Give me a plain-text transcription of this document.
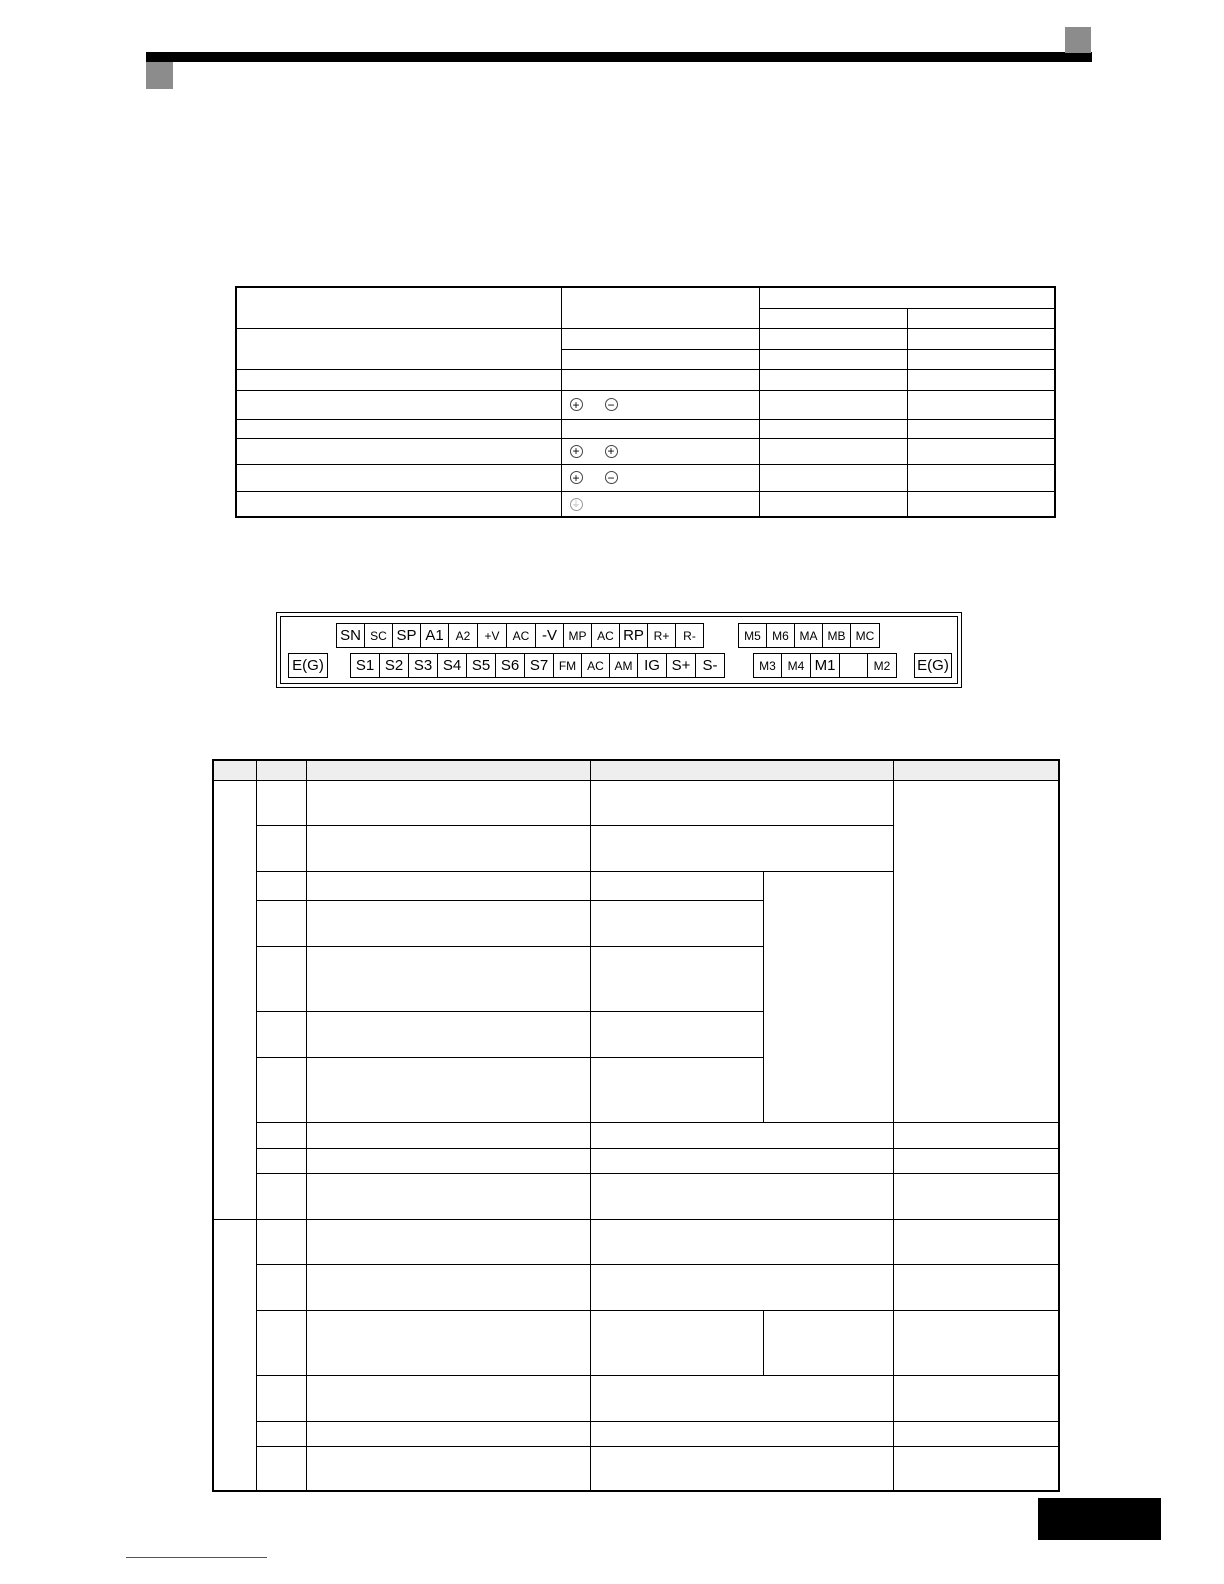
+ −		

+ +		

+ −		

⏚		

SN SC SP A1 A2	+V	AC -V MP AC RP R+	R-	M5 M6 MA MB MC
E(G)	S1 S2 S3 S4 S5 S6 S7 FM AC AM IG S+ S-	M3 M4 M1	M2	E(G)
